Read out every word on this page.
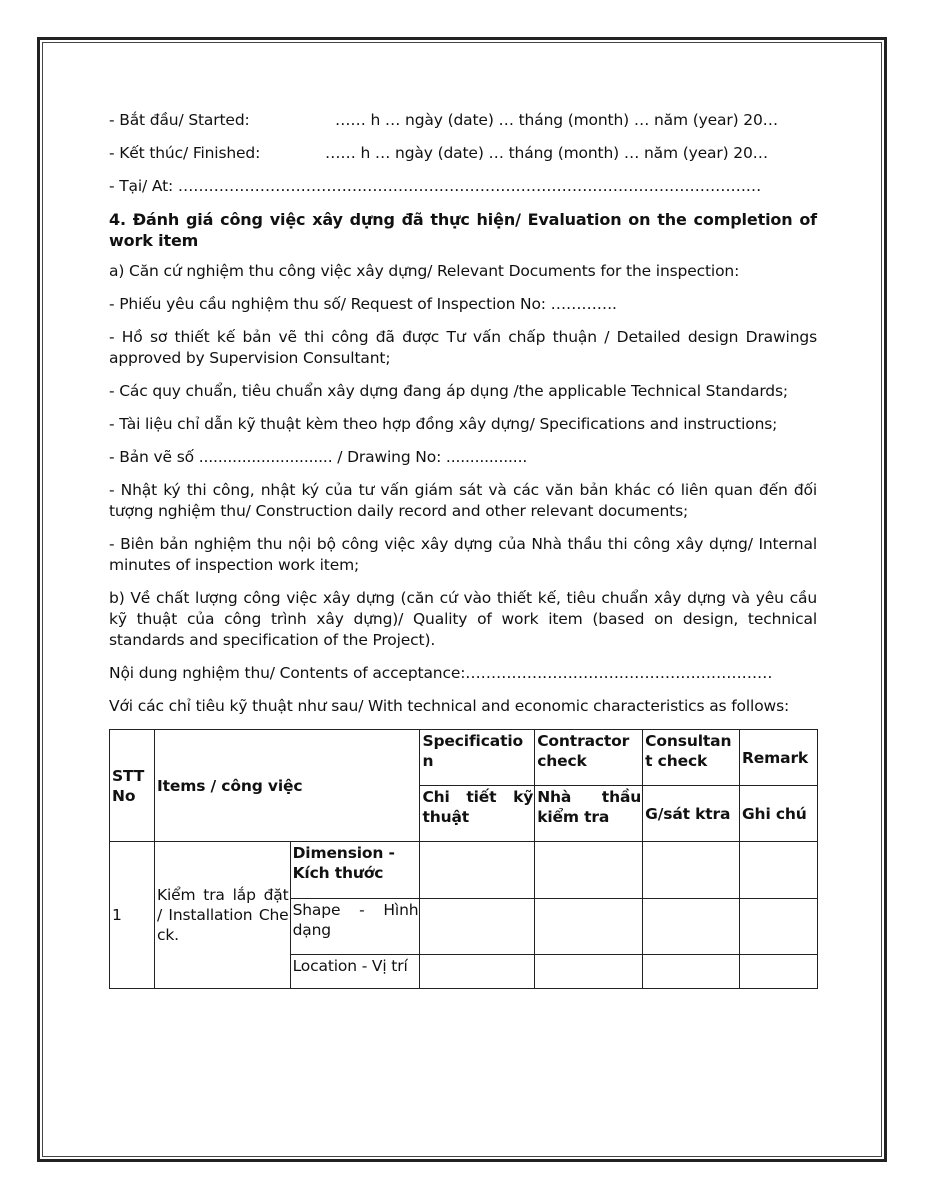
- Bắt đầu/ Started:	…… h … ngày (date) … tháng (month) … năm (year) 20…
- Kết thúc/ Finished:	…… h … ngày (date) … tháng (month) … năm (year) 20…
- Tại/ At: ……………………………………………………………………………………………………
4. Đánh giá công việc xây dựng đã thực hiện/ Evaluation on the completion of work item
a) Căn cứ nghiệm thu công việc xây dựng/ Relevant Documents for the inspection:
- Phiếu yêu cầu nghiệm thu số/ Request of Inspection No: ………….
- Hồ sơ thiết kế bản vẽ thi công đã được Tư vấn chấp thuận / Detailed design Drawings approved by Supervision Consultant;
- Các quy chuẩn, tiêu chuẩn xây dựng đang áp dụng /the applicable Technical Standards;
- Tài liệu chỉ dẫn kỹ thuật kèm theo hợp đồng xây dựng/ Specifications and instructions;
- Bản vẽ số ............................ / Drawing No: .................
- Nhật ký thi công, nhật ký của tư vấn giám sát và các văn bản khác có liên quan đến đối tượng nghiệm thu/ Construction daily record and other relevant documents;
- Biên bản nghiệm thu nội bộ công việc xây dựng của Nhà thầu thi công xây dựng/ Internal minutes of inspection work item;
b) Về chất lượng công việc xây dựng (căn cứ vào thiết kế, tiêu chuẩn xây dựng và yêu cầu kỹ thuật của công trình xây dựng)/ Quality of work item (based on design, technical standards and specification of the Project).
Nội dung nghiệm thu/ Contents of acceptance:……………………………………………………
Với các chỉ tiêu kỹ thuật như sau/ With technical and economic characteristics as follows:
STT No	Items / công việc		Specification	Contractor check	Consultant check	Remark
			Chi tiết kỹ thuật	Nhà thầu kiểm tra	G/sát ktra	Ghi chú
1	Kiểm tra lắp đặt / Installation Check.	Dimension - Kích thước				
		Shape - Hình dạng				
		Location - Vị trí				
